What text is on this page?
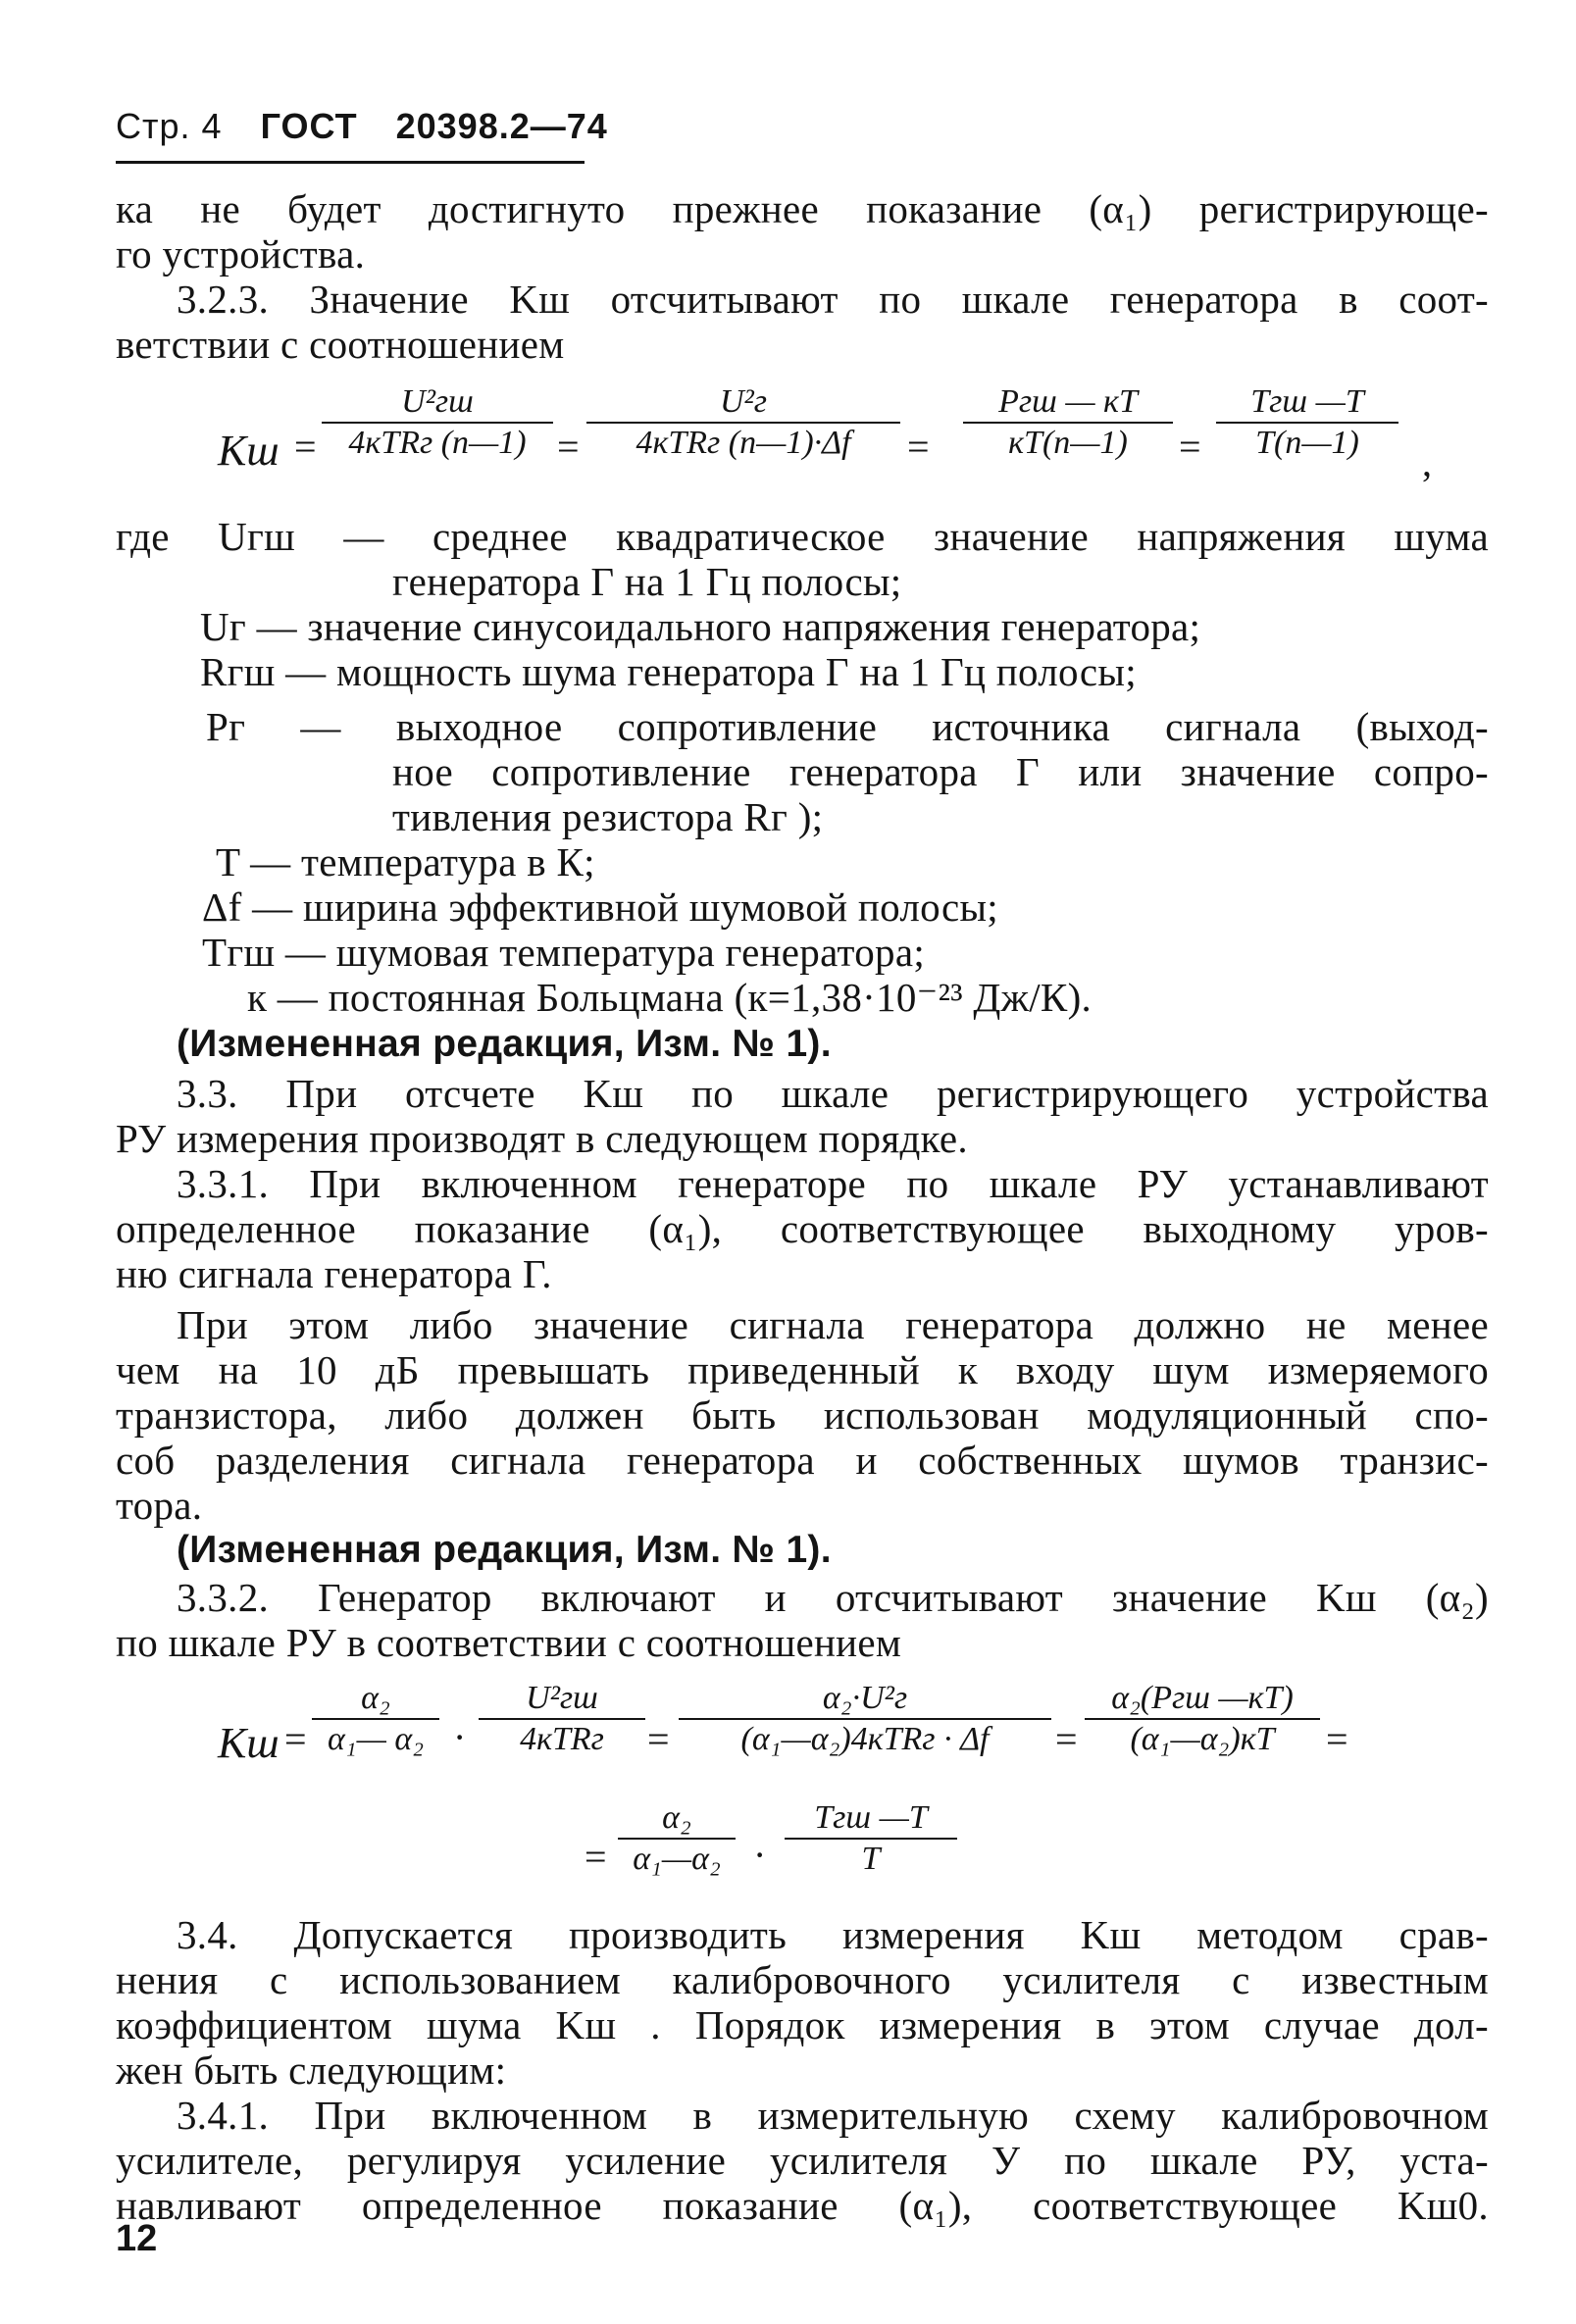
Стр. 4 ГОСТ 20398.2—74
ка не будет достигнуто прежнее показание (α₁) регистрирующе-
го устройства.
3.2.3. Значение Kш отсчитывают по шкале генератора в соот-
ветствии с соотношением
Kш =
U²гш
4кTRг (n—1) =
U²г
4кTRг (n—1)·Δf	=
Pгш — кT
кT(n—1)	=
Tгш —T
T(n—1)	,
где Uгш — среднее квадратическое значение напряжения шума
генератора Г на 1 Гц полосы;
Uг — значение синусоидального напряжения генератора;
Rгш — мощность шума генератора Г на 1 Гц полосы;
Pг — выходное сопротивление источника сигнала (выход-
ное сопротивление генератора Г или значение сопро-
тивления резистора Rг );
T — температура в К;
Δf — ширина эффективной шумовой полосы;
Tгш — шумовая температура генератора;
к — постоянная Больцмана (к=1,38·10⁻²³ Дж/К).
(Измененная редакция, Изм. № 1).
3.3. При отсчете Kш по шкале регистрирующего устройства
РУ измерения производят в следующем порядке.
3.3.1. При включенном генераторе по шкале РУ устанавливают
определенное показание (α₁), соответствующее выходному уров-
ню сигнала генератора Г.
При этом либо значение сигнала генератора должно не менее
чем на 10 дБ превышать приведенный к входу шум измеряемого
транзистора, либо должен быть использован модуляционный спо-
соб разделения сигнала генератора и собственных шумов транзис-
тора.
(Измененная редакция, Изм. № 1).
3.3.2. Генератор включают и отсчитывают значение Kш (α₂)
по шкале РУ в соответствии с соотношением
Kш = $\frac{\text{α₂}}{\text{α₁— α₂}}$ ·
U²гш
4кTRг	=
α₂·U²г
(α₁—α₂)4кTRг · Δf	=
α₂(Pгш —кT)
(α₁—α₂)кT	=
= $\frac{\text{α₂}}{\text{α₁—α₂}}$ ·
Tгш —T
T
3.4. Допускается производить измерения Kш методом срав-
нения с использованием калибровочного усилителя с известным
коэффициентом шума Kш . Порядок измерения в этом случае дол-
жен быть следующим:
3.4.1. При включенном в измерительную схему калибровочном
усилителе, регулируя усиление усилителя У по шкале РУ, уста-
навливают определенное показание (α₁), соответствующее Kш0.
12
